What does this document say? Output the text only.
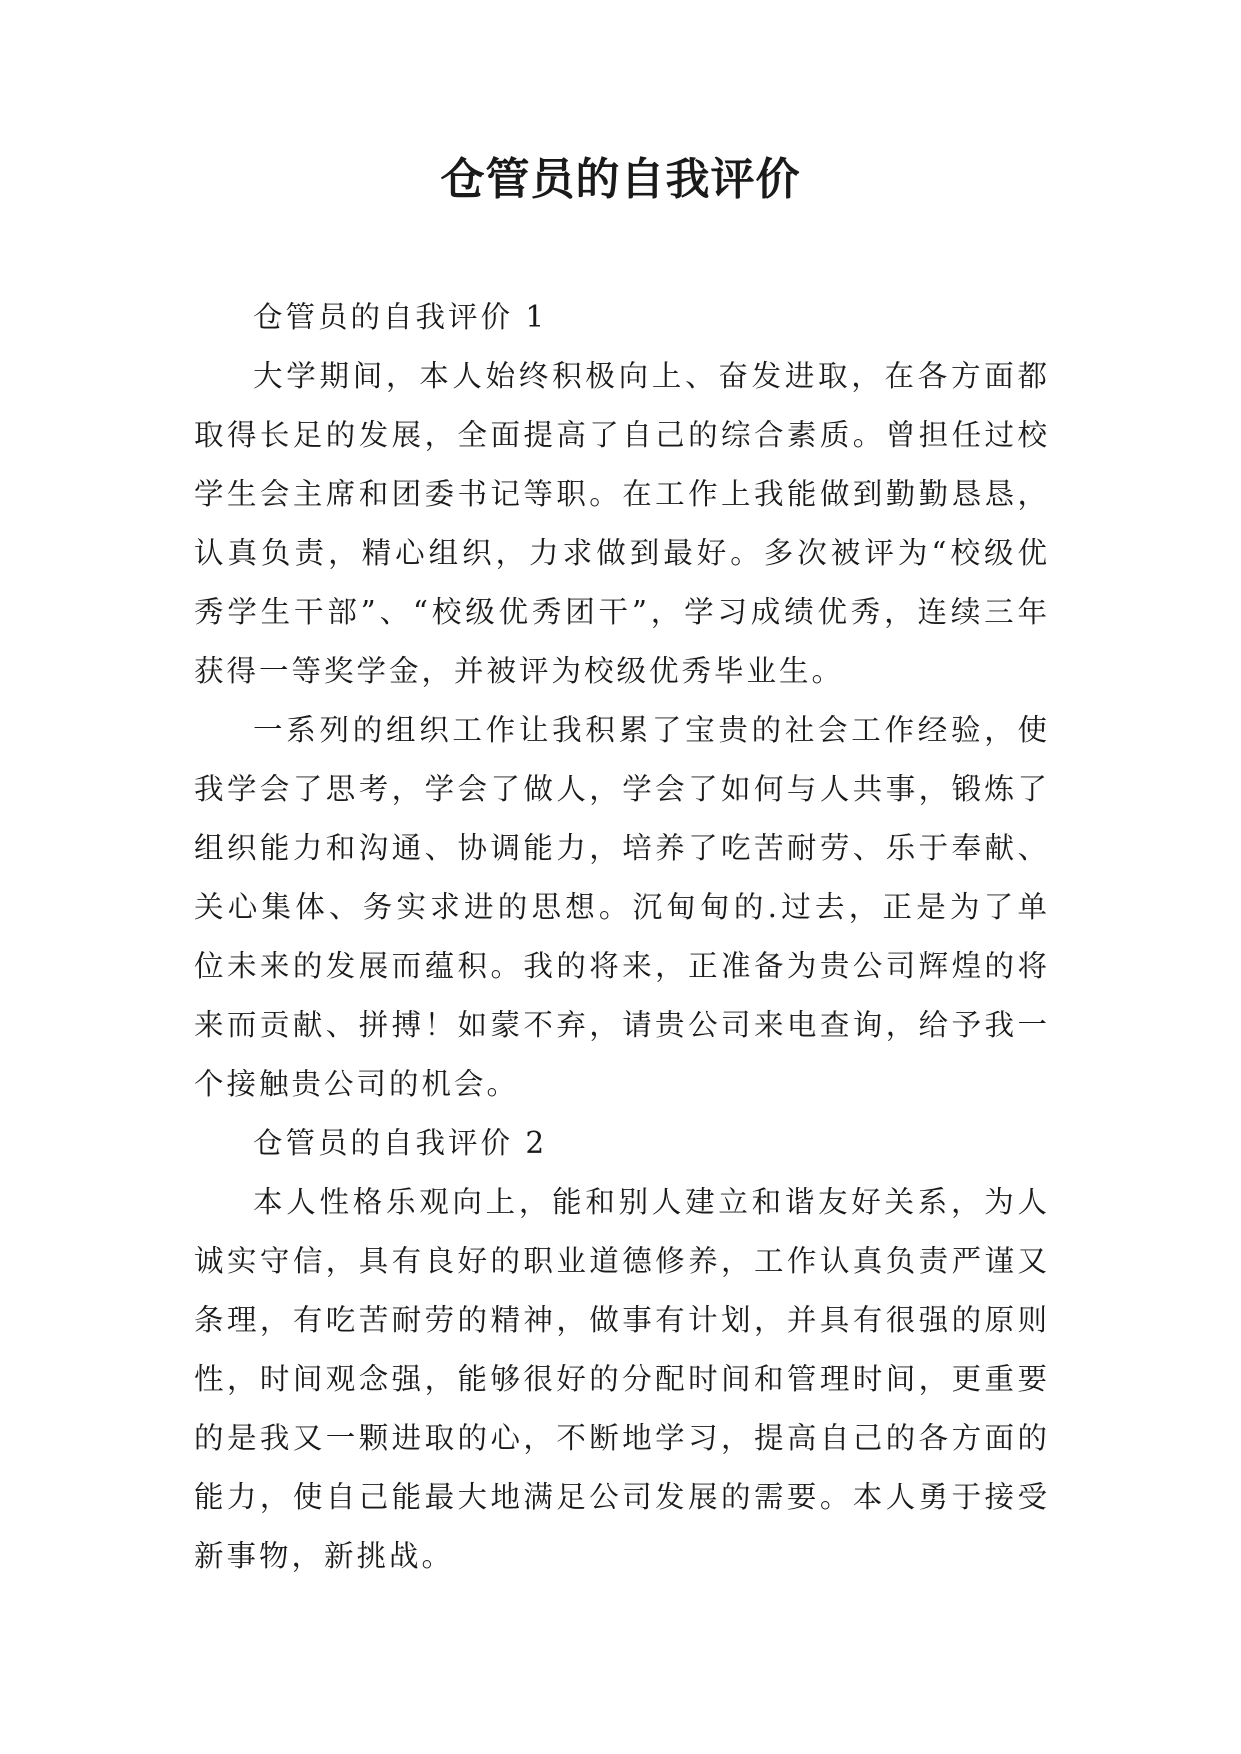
仓管员的自我评价

仓管员的自我评价 1

大学期间，本人始终积极向上、奋发进取，在各方面都取得长足的发展，全面提高了自己的综合素质。曾担任过校学生会主席和团委书记等职。在工作上我能做到勤勤恳恳，认真负责，精心组织，力求做到最好。多次被评为“校级优秀学生干部”、“校级优秀团干”，学习成绩优秀，连续三年获得一等奖学金，并被评为校级优秀毕业生。

一系列的组织工作让我积累了宝贵的社会工作经验，使我学会了思考，学会了做人，学会了如何与人共事，锻炼了组织能力和沟通、协调能力，培养了吃苦耐劳、乐于奉献、关心集体、务实求进的思想。沉甸甸的.过去，正是为了单位未来的发展而蕴积。我的将来，正准备为贵公司辉煌的将来而贡献、拼搏！如蒙不弃，请贵公司来电查询，给予我一个接触贵公司的机会。

仓管员的自我评价 2

本人性格乐观向上，能和别人建立和谐友好关系，为人诚实守信，具有良好的职业道德修养，工作认真负责严谨又条理，有吃苦耐劳的精神，做事有计划，并具有很强的原则性，时间观念强，能够很好的分配时间和管理时间，更重要的是我又一颗进取的心，不断地学习，提高自己的各方面的能力，使自己能最大地满足公司发展的需要。本人勇于接受新事物，新挑战。
